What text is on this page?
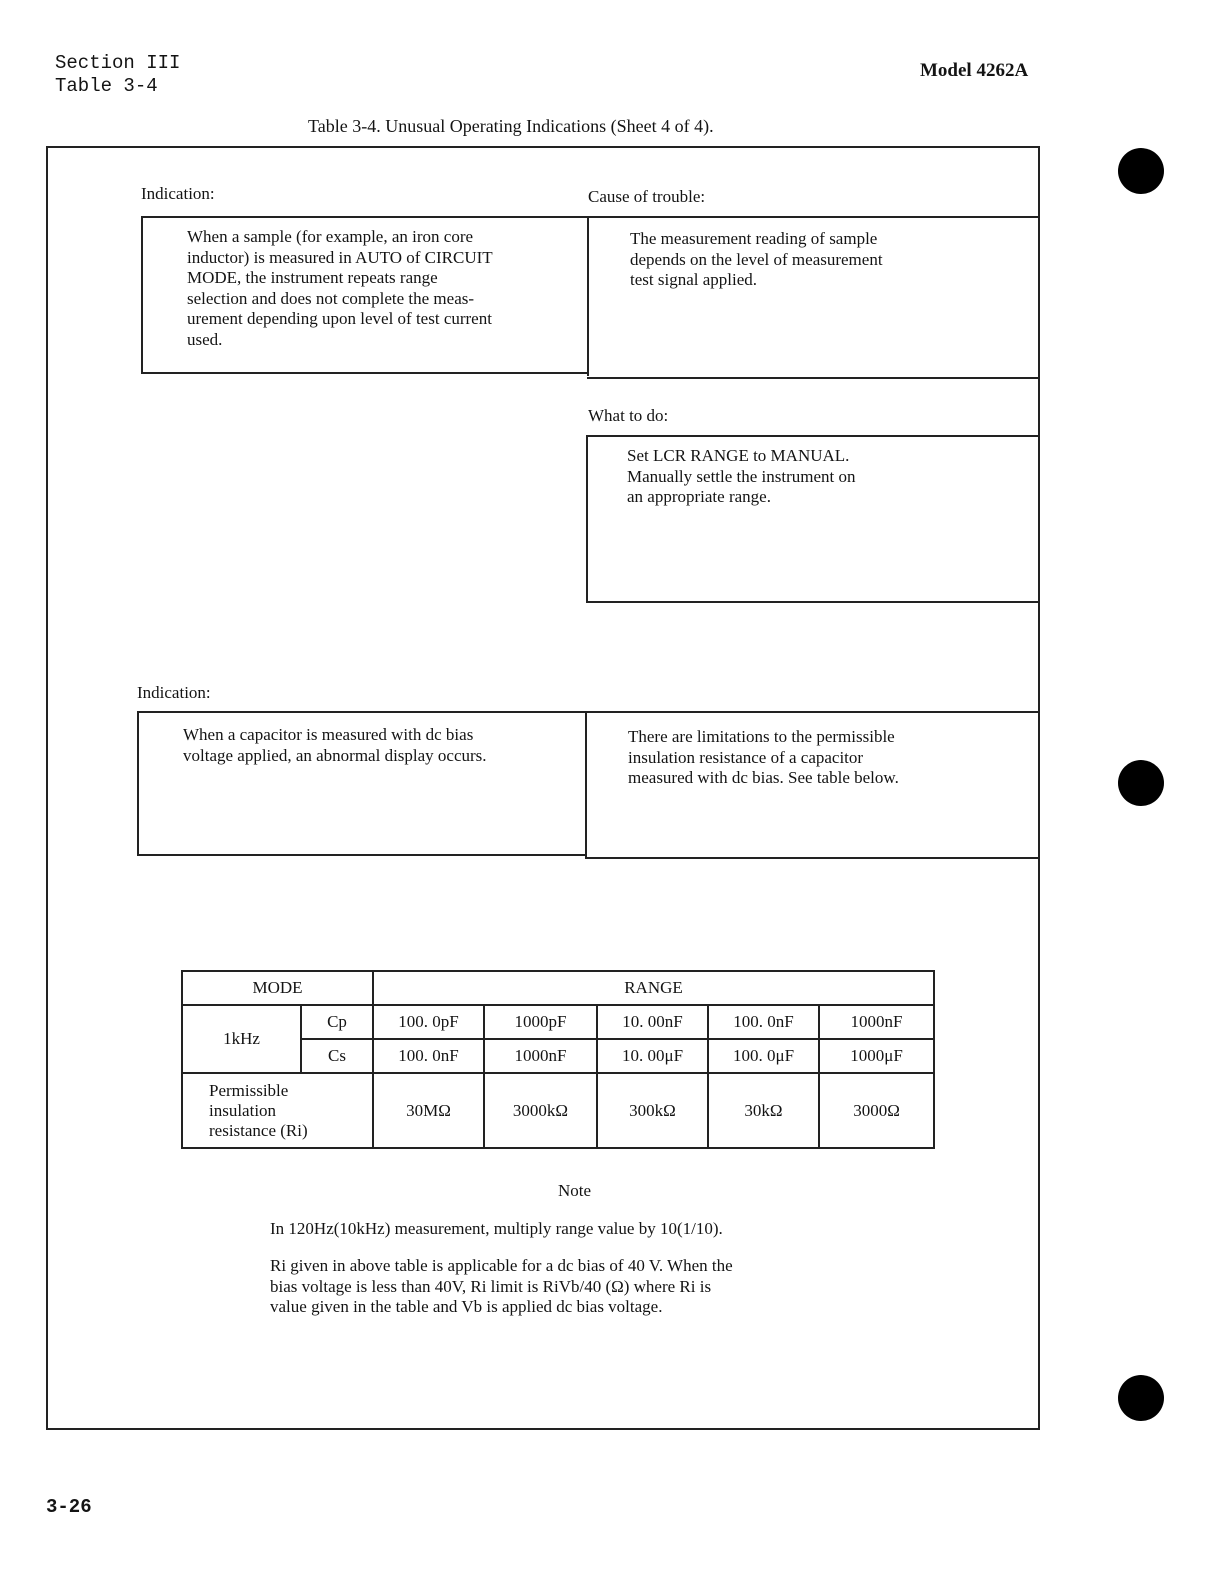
Section III
Table 3-4
Model 4262A
Table 3-4. Unusual Operating Indications (Sheet 4 of 4).
Indication:	Cause of trouble:
When a sample (for example, an iron core
inductor) is measured in AUTO of CIRCUIT
MODE, the instrument repeats range
selection and does not complete the meas-
urement depending upon level of test current
used.
The measurement reading of sample
depends on the level of measurement
test signal applied.
What to do:
Set LCR RANGE to MANUAL.
Manually settle the instrument on
an appropriate range.
Indication:
When a capacitor is measured with dc bias
voltage applied, an abnormal display occurs.
There are limitations to the permissible
insulation resistance of a capacitor
measured with dc bias. See table below.
MODE		RANGE				
1kHz	Cp	100. 0pF	1000pF	10. 00nF	100. 0nF	1000nF
	Cs	100. 0nF	1000nF	10. 00μF	100. 0μF	1000μF
Permissible
insulation
resistance (Ri)		30MΩ	3000kΩ	300kΩ	30kΩ	3000Ω
Note
In 120Hz(10kHz) measurement, multiply range value by 10(1/10).
Ri given in above table is applicable for a dc bias of 40 V. When the
bias voltage is less than 40V, Ri limit is RiVb/40 (Ω) where Ri is
value given in the table and Vb is applied dc bias voltage.
3-26
